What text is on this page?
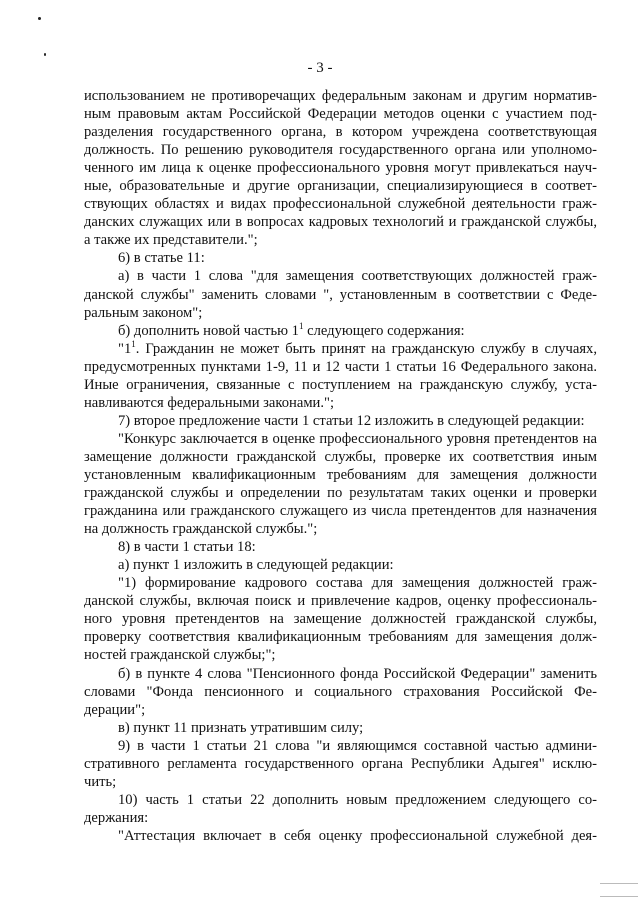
- 3 -

использованием не противоречащих федеральным законам и другим нормативным правовым актам Российской Федерации методов оценки с участием подразделения государственного органа, в котором учреждена соответствующая должность. По решению руководителя государственного органа или уполномоченного им лица к оценке профессионального уровня могут привлекаться научные, образовательные и другие организации, специализирующиеся в соответствующих областях и видах профессиональной служебной деятельности гражданских служащих или в вопросах кадровых технологий и гражданской службы, а также их представители.";

6) в статье 11:

а) в части 1 слова "для замещения соответствующих должностей гражданской службы" заменить словами ", установленным в соответствии с Федеральным законом";

б) дополнить новой частью $1^1$ следующего содержания:

"$1^1$. Гражданин не может быть принят на гражданскую службу в случаях, предусмотренных пунктами 1-9, 11 и 12 части 1 статьи 16 Федерального закона. Иные ограничения, связанные с поступлением на гражданскую службу, устанавливаются федеральными законами.";

7) второе предложение части 1 статьи 12 изложить в следующей редакции:

"Конкурс заключается в оценке профессионального уровня претендентов на замещение должности гражданской службы, проверке их соответствия иным установленным квалификационным требованиям для замещения должности гражданской службы и определении по результатам таких оценки и проверки гражданина или гражданского служащего из числа претендентов для назначения на должность гражданской службы.";

8) в части 1 статьи 18:

а) пункт 1 изложить в следующей редакции:

"1) формирование кадрового состава для замещения должностей гражданской службы, включая поиск и привлечение кадров, оценку профессионального уровня претендентов на замещение должностей гражданской службы, проверку соответствия квалификационным требованиям для замещения должностей гражданской службы;";

б) в пункте 4 слова "Пенсионного фонда Российской Федерации" заменить словами "Фонда пенсионного и социального страхования Российской Федерации";

в) пункт 11 признать утратившим силу;

9) в части 1 статьи 21 слова "и являющимся составной частью административного регламента государственного органа Республики Адыгея" исключить;

10) часть 1 статьи 22 дополнить новым предложением следующего содержания:

"Аттестация включает в себя оценку профессиональной служебной дея-
